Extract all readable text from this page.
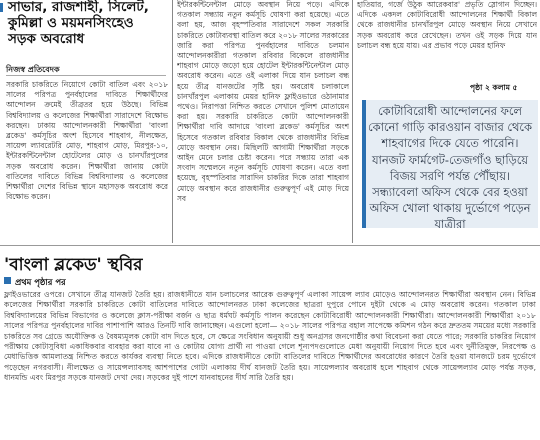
সাভার, রাজশাহী, সিলেট,
কুমিল্লা ও ময়মনসিংহেও
সড়ক অবরোধ
নিজস্ব প্রতিবেদক

সরকারি চাকরিতে নিয়োগে কোটা বাতিল এবং ২০১৮ সালের পরিপত্র পুনর্বহালের দাবিতে শিক্ষার্থীদের আন্দোলন ক্রমেই তীব্রতর হয়ে উঠছে। বিভিন্ন বিশ্ববিদ্যালয় ও কলেজের শিক্ষার্থীরা সারাদেশে বিক্ষোভ করছেন। ঢাকায় আন্দোলনকারী শিক্ষার্থীরা 'বাংলা ব্লকেড' কর্মসূচির অংশ হিসেবে শাহবাগ, নীলক্ষেত, সায়েন্স ল্যাবরেটরি মোড়, শাহবাগ মোড়, মিরপুর-১০, ইন্টারকন্টিনেন্টাল হোটেলের মোড় ও চানখাঁরপুলের সড়ক অবরোধ করেন। শিক্ষার্থীরা জানায় কোটা বাতিলের দাবিতে বিভিন্ন বিশ্ববিদ্যালয় ও কলেজের শিক্ষার্থীরা দেশের বিভিন্ন স্থানে মহাসড়ক অবরোধ করে বিক্ষোভ করেন।

ইন্টারকন্টিনেন্টাল মোড়ে অবস্থান নিয়ে পড়ে। এদিকে গতকাল সন্ধ্যায় নতুন কর্মসূচি ঘোষণা করা হয়েছে। এতে বলা হয়, আজ বৃহস্পতিবার সারাদেশে সকল সরকারি চাকরিতে কোটাব্যবস্থা বাতিল করে ২০১৮ সালের সরকারের জারি করা পরিপত্র পুনর্বহালের দাবিতে চলমান আন্দোলনকারীরা গতকাল রবিবার বিকেলে রাজধানীর শাহবাগ মোড়ে জড়ো হয়ে হোটেল ইন্টারকন্টিনেন্টাল মোড় অবরোধ করেন। এতে ওই এলাকা দিয়ে যান চলাচল বন্ধ হয়ে তীব্র যানজটের সৃষ্টি হয়। অবরোধ চলাকালে চানখাঁরপুল এলাকায় মেয়র হানিফ ফ্লাইওভারে ওঠানামার পথেও। নিরাপত্তা নিশ্চিত করতে সেখানে পুলিশ মোতায়েন করা হয়। সরকারি চাকরিতে কোটা আন্দোলনকারী শিক্ষার্থীরা দাবি আদায়ে 'বাংলা ব্লকেড' কর্মসূচির অংশ হিসেবে গতকাল রবিবার বিকাল থেকে রাজধানীর বিভিন্ন মোড়ে অবস্থান নেয়। মিছিলটি আগামী শিক্ষার্থীরা সড়কে আইন মেনে চলার চেষ্টা করেন। পরে সন্ধ্যায় তারা এক সংবাদ সম্মেলনে নতুন কর্মসূচি ঘোষণা করেন। এতে বলা হয়েছে, বৃহস্পতিবার সারাদিন চাকরির দিকে তারা শাহবাগ মোড়ে অবস্থান করে রাজধানীর গুরুত্বপূর্ণ এই মোড় দিয়ে সব

হাতিয়ার, গর্জে উঠুক আরেকবার' প্রভৃতি স্লোগান দিচ্ছেন। এদিকে একদল কোটাবিরোধী আন্দোলনের শিক্ষার্থী বিকাল থেকে রাজধানীর চানখাঁরপুল মোড়ে অবস্থান নিয়ে সেখানে সড়ক অবরোধ করে রেখেছেন। তখন ওই সড়ক দিয়ে যান চলাচল বন্ধ হয়ে যায়। এর প্রভাব পড়ে মেয়র হানিফ

পৃষ্ঠা ২ কলাম ৫
কোটাবিরোধী আন্দোলনের ফলে কোনো গাড়ি কারওয়ান বাজার থেকে শাহবাগের দিকে যেতে পারেনি। যানজট ফার্মগেট-তেজগাঁও ছাড়িয়ে বিজয় সরণি পর্যন্ত পৌঁছায়। সন্ধ্যাবেলা অফিস থেকে বের হওয়া অফিস খোলা থাকায় দুর্ভোগে পড়েন যাত্রীরা
'বাংলা ব্লকেড' স্থবির
প্রথম পৃষ্ঠার পর

ফ্লাইওভারের ওপরে। সেখানে তীব্র যানজট তৈরি হয়। রাজধানীতে যান চলাচলের আরেক গুরুত্বপূর্ণ এলাকা সায়েন্স ল্যাব মোড়েও আন্দোলনরত শিক্ষার্থীরা অবস্থান নেন। বিভিন্ন কলেজের শিক্ষার্থীরা সরকারি চাকরিতে কোটা বাতিলের দাবিতে আন্দোলনরত ঢাকা কলেজের ছাত্ররা দুপুরে পোনে দুইটা থেকে এ মোড় অবরোধ করেন। গতকাল ঢাকা বিশ্ববিদ্যালয়ের বিভিন্ন বিভাগের ও কলেজে ক্লাস-পরীক্ষা বর্জন ও ছাত্র ধর্মঘট কর্মসূচি পালন করেছেন কোটাবিরোধী আন্দোলনকারী শিক্ষার্থীরা। আন্দোলনকারী শিক্ষার্থীরা ২০১৮ সালের পরিপত্র পুনর্বহালের দাবির পাশাপাশি আরও তিনটি দাবি জানাচ্ছেন। এগুলো হলো— ২০১৮ সালের পরিপত্র বহাল সাপেক্ষে কমিশন গঠন করে দ্রুততম সময়ের মধ্যে সরকারি চাকরিতে সব গ্রেডে অযৌক্তিক ও বৈষম্যমূলক কোটা বাদ দিতে হবে, সে ক্ষেত্রে সংবিধান অনুযায়ী শুধু অনগ্রসর জনগোষ্ঠীর কথা বিবেচনা করা যেতে পারে; সরকারি চাকরির নিয়োগ পরীক্ষায় কোটাসুবিধা একাধিকবার ব্যবহার করা যাবে না ও কোটায় যোগ্য প্রার্থী না পাওয়া গেলে শূন্যপদগুলোতে মেধা অনুযায়ী নিয়োগ দিতে হবে এবং দুর্নীতিমুক্ত, নিরপেক্ষ ও মেধাভিত্তিক আমলাতন্ত্র নিশ্চিত করতে কার্যকর ব্যবস্থা নিতে হবে। এদিকে রাজধানীতে কোটা বাতিলের দাবিতে শিক্ষার্থীদের অবরোধের কারণে তৈরি হওয়া যানজটে চরম দুর্ভোগে পড়েছেন নগরবাসী। নীলক্ষেত ও সায়েন্সল্যাবসহ আশপাশের গোটা এলাকায় দীর্ঘ যানজট তৈরি হয়। সায়েন্সল্যাব অবরোধ হলে শাহবাগ থেকে সায়েন্সল্যাব মোড় পর্যন্ত সড়ক, ধানমন্ডি এবং মিরপুর সড়কে যানজট দেখা দেয়। সড়কের দুই পাশে যানবাহনের দীর্ঘ সারি তৈরি হয়।
